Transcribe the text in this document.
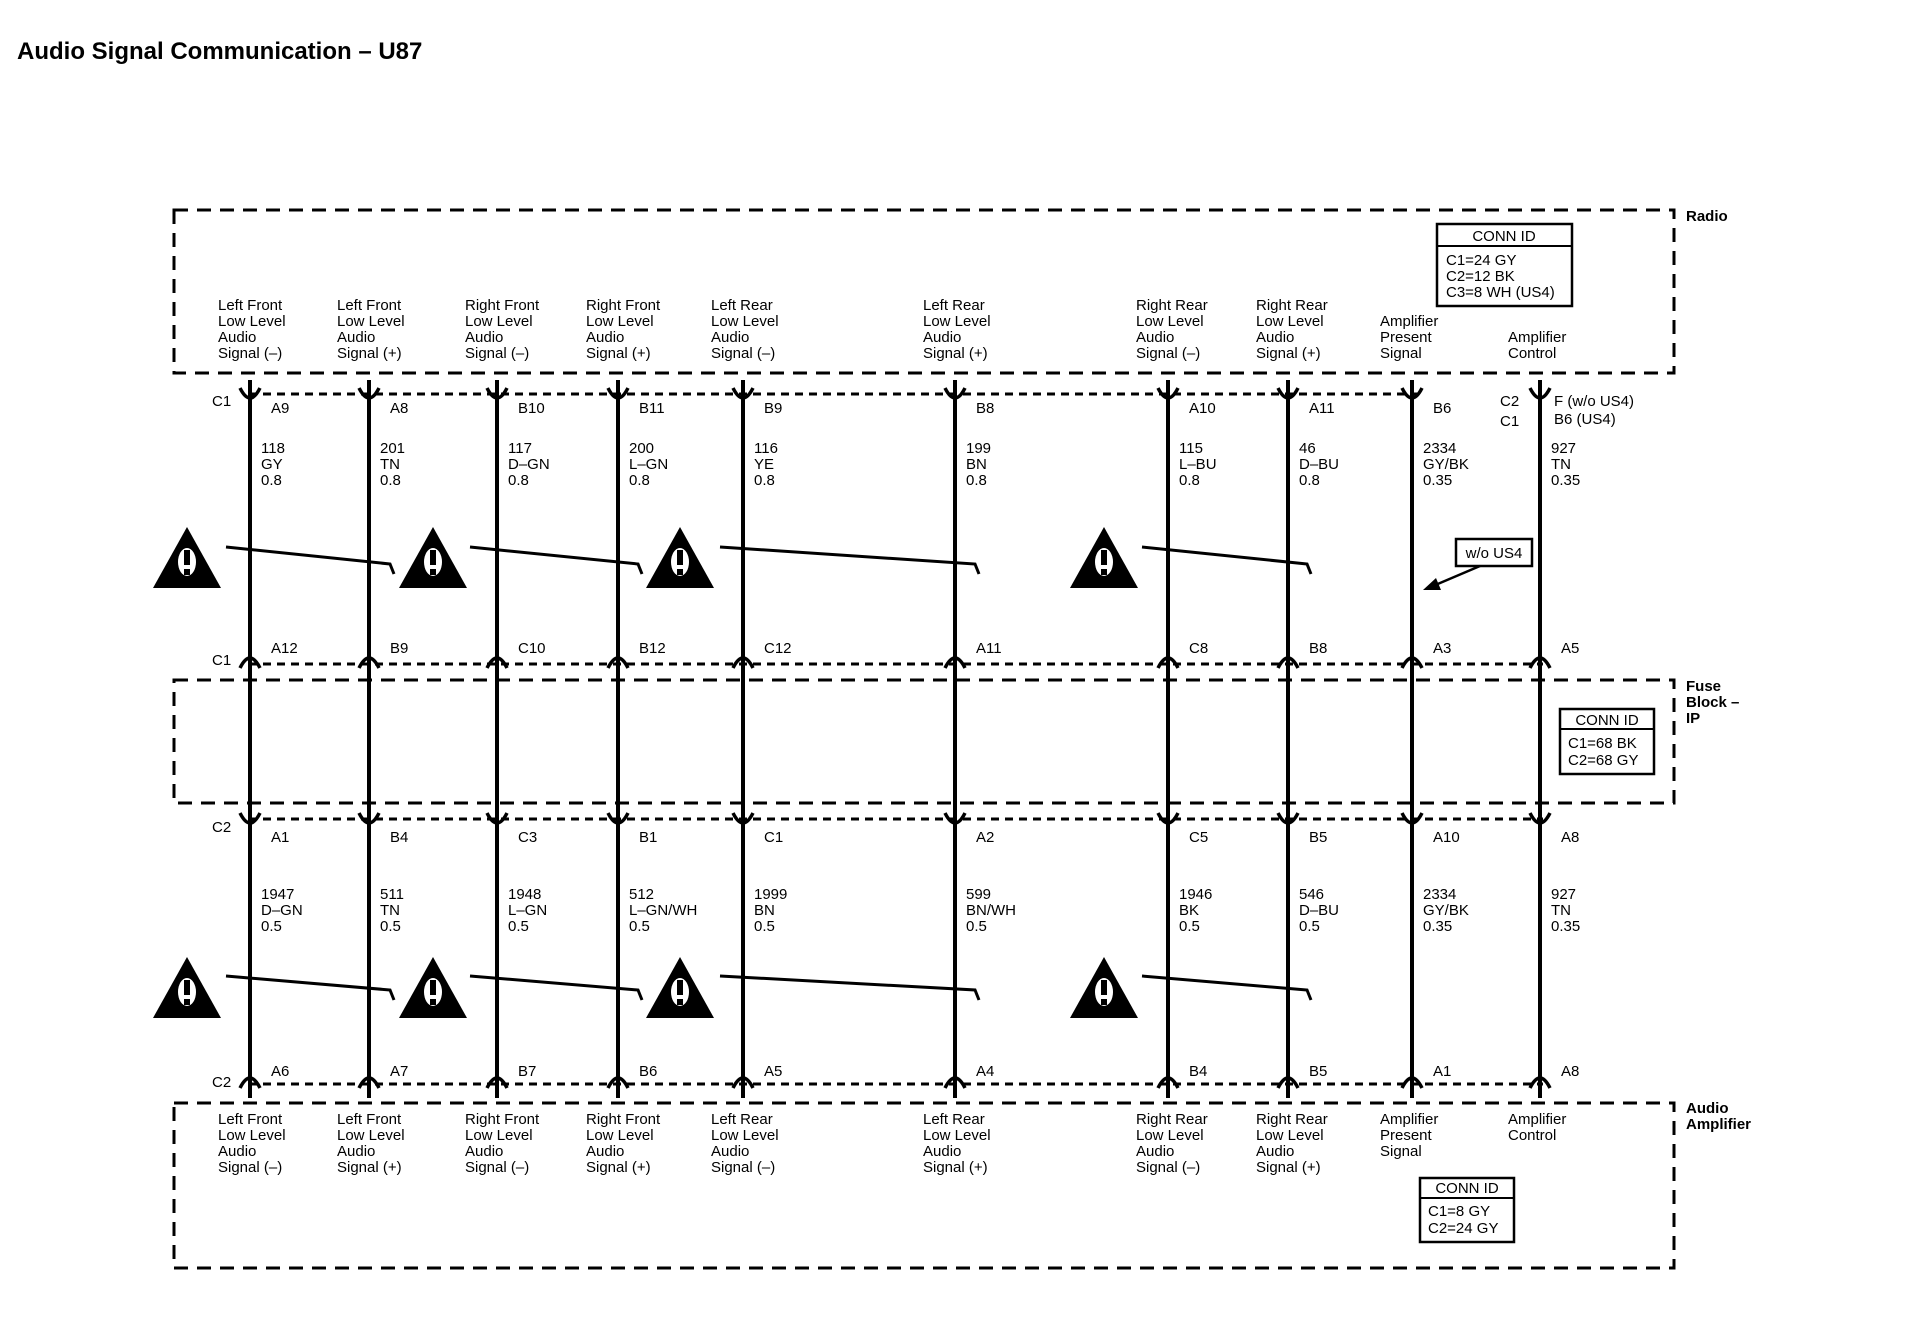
Audio Signal Communication – U87
Radio
Fuse
Block –
IP
Audio
Amplifier
CONN ID
C1=24 GY
C2=12 BK
C3=8 WH (US4)
CONN ID
C1=68 BK
C2=68 GY
CONN ID
C1=8 GY
C2=24 GY
C1	C2
C1
C1
C2
C2
w/o US4
Left Front
Low Level
Audio
Signal (–)
A9
118
GY
0.8
A12
A1
1947
D–GN
0.5
A6
Left Front
Low Level
Audio
Signal (–)
Left Front
Low Level
Audio
Signal (+)
A8
201
TN
0.8
B9
B4
511
TN
0.5
A7
Left Front
Low Level
Audio
Signal (+)
Right Front
Low Level
Audio
Signal (–)
B10
117
D–GN
0.8
C10
C3
1948
L–GN
0.5
B7
Right Front
Low Level
Audio
Signal (–)
Right Front
Low Level
Audio
Signal (+)
B11
200
L–GN
0.8
B12
B1
512
L–GN/WH
0.5
B6
Right Front
Low Level
Audio
Signal (+)
Left Rear
Low Level
Audio
Signal (–)
B9
116
YE
0.8
C12
C1
1999
BN
0.5
A5
Left Rear
Low Level
Audio
Signal (–)
Left Rear
Low Level
Audio
Signal (+)
B8
199
BN
0.8
A11
A2
599
BN/WH
0.5
A4
Left Rear
Low Level
Audio
Signal (+)
Right Rear
Low Level
Audio
Signal (–)
A10
115
L–BU
0.8
C8
C5
1946
BK
0.5
B4
Right Rear
Low Level
Audio
Signal (–)
Right Rear
Low Level
Audio
Signal (+)
A11
46
D–BU
0.8
B8
B5
546
D–BU
0.5
B5
Right Rear
Low Level
Audio
Signal (+)
Amplifier
Present
Signal
B6
2334
GY/BK
0.35
A3
A10
2334
GY/BK
0.35
A1
Amplifier
Present
Signal
Amplifier
Control
F (w/o US4)
B6 (US4)
927
TN
0.35
A5
A8
927
TN
0.35
A8
Amplifier
Control
